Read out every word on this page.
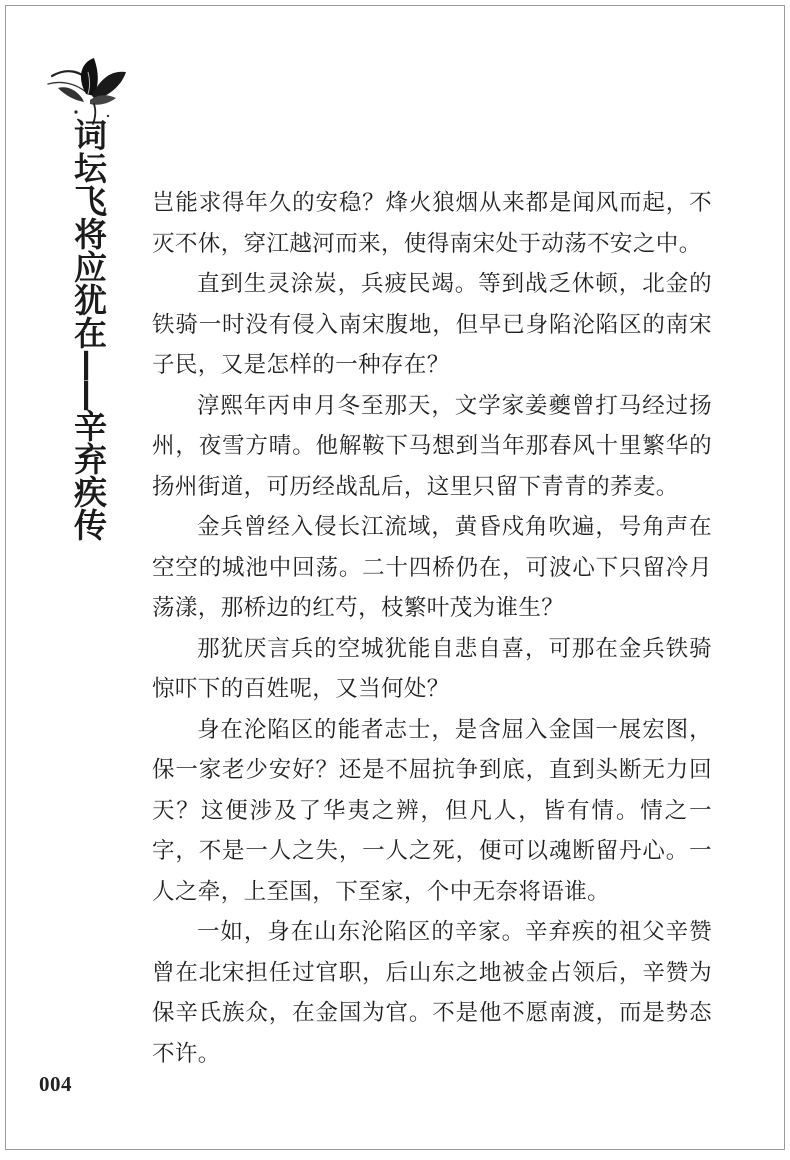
词坛飞将应犹在——辛弃疾传

岂能求得年久的安稳？烽火狼烟从来都是闻风而起，不灭不休，穿江越河而来，使得南宋处于动荡不安之中。

直到生灵涂炭，兵疲民竭。等到战乏休顿，北金的铁骑一时没有侵入南宋腹地，但早已身陷沦陷区的南宋子民，又是怎样的一种存在？

淳熙年丙申月冬至那天，文学家姜夔曾打马经过扬州，夜雪方晴。他解鞍下马想到当年那春风十里繁华的扬州街道，可历经战乱后，这里只留下青青的荞麦。

金兵曾经入侵长江流域，黄昏戍角吹遍，号角声在空空的城池中回荡。二十四桥仍在，可波心下只留冷月荡漾，那桥边的红芍，枝繁叶茂为谁生？

那犹厌言兵的空城犹能自悲自喜，可那在金兵铁骑惊吓下的百姓呢，又当何处？

身在沦陷区的能者志士，是含屈入金国一展宏图，保一家老少安好？还是不屈抗争到底，直到头断无力回天？这便涉及了华夷之辨，但凡人，皆有情。情之一字，不是一人之失，一人之死，便可以魂断留丹心。一人之牵，上至国，下至家，个中无奈将语谁。

一如，身在山东沦陷区的辛家。辛弃疾的祖父辛赞曾在北宋担任过官职，后山东之地被金占领后，辛赞为保辛氏族众，在金国为官。不是他不愿南渡，而是势态不许。

004
